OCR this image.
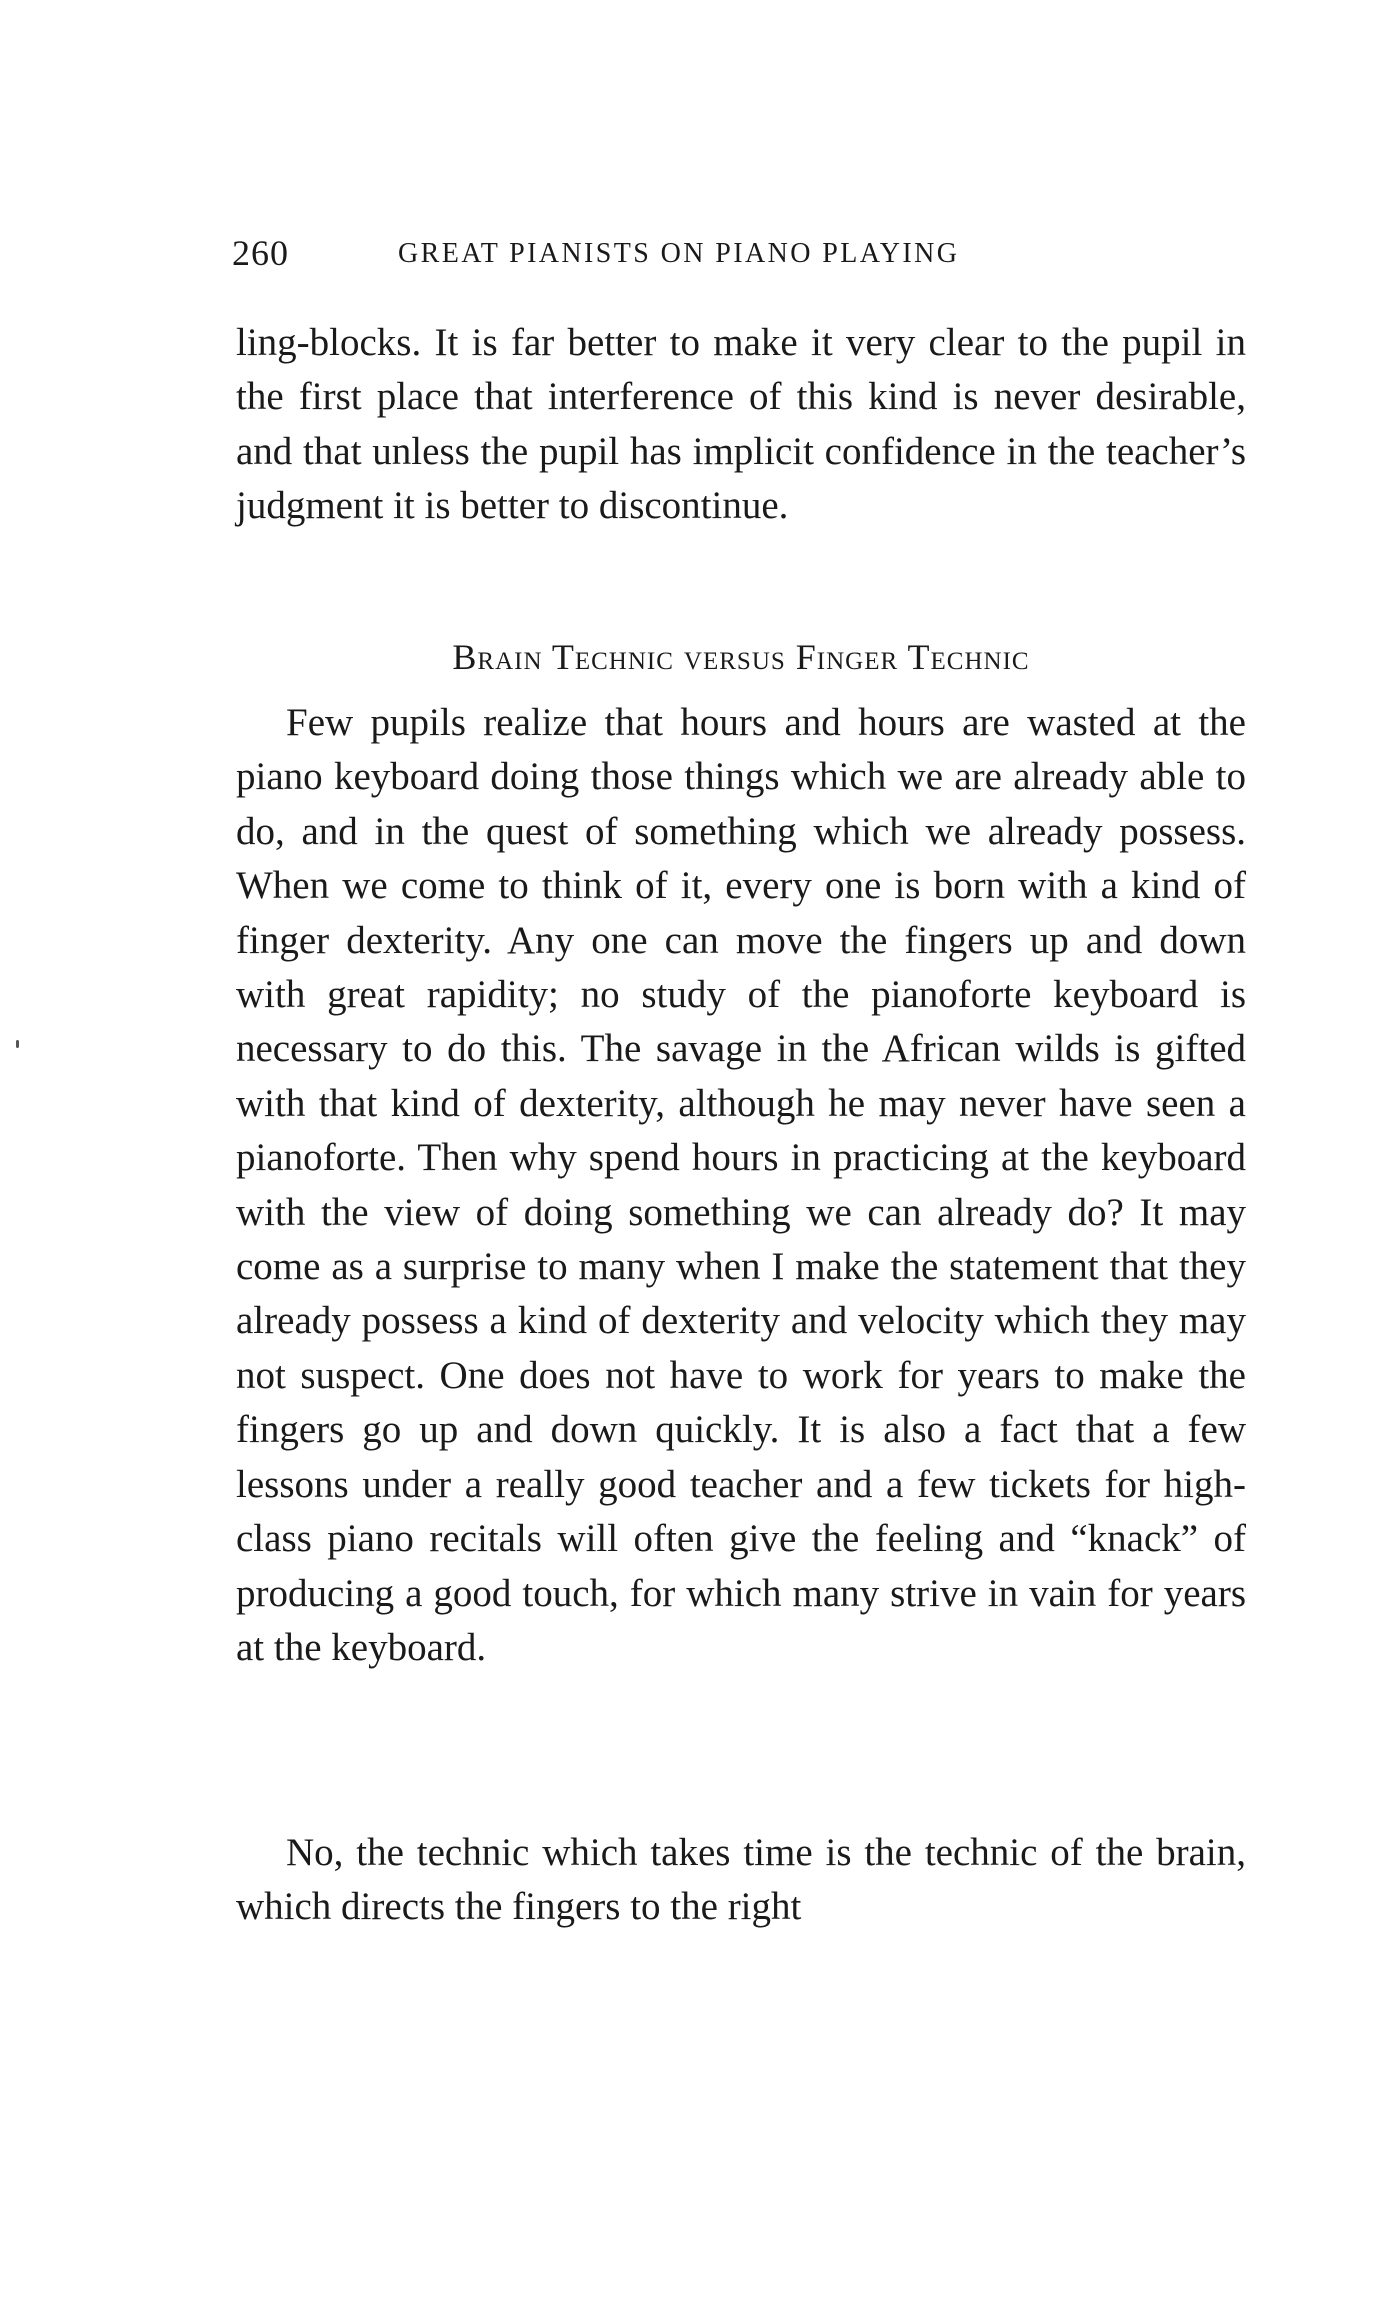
260	GREAT PIANISTS ON PIANO PLAYING

ling-blocks. It is far better to make it very clear to the pupil in the first place that interference of this kind is never desirable, and that unless the pupil has implicit confidence in the teacher’s judgment it is better to discontinue.

Brain Technic versus Finger Technic

Few pupils realize that hours and hours are wasted at the piano keyboard doing those things which we are already able to do, and in the quest of something which we already possess. When we come to think of it, every one is born with a kind of finger dexterity. Any one can move the fingers up and down with great rapidity; no study of the pianoforte keyboard is necessary to do this. The savage in the African wilds is gifted with that kind of dexterity, although he may never have seen a pianoforte. Then why spend hours in practicing at the keyboard with the view of doing something we can already do? It may come as a surprise to many when I make the statement that they already possess a kind of dexterity and velocity which they may not suspect. One does not have to work for years to make the fingers go up and down quickly. It is also a fact that a few lessons under a really good teacher and a few tickets for high-class piano recitals will often give the feeling and “knack” of producing a good touch, for which many strive in vain for years at the keyboard.

No, the technic which takes time is the technic of the brain, which directs the fingers to the right
